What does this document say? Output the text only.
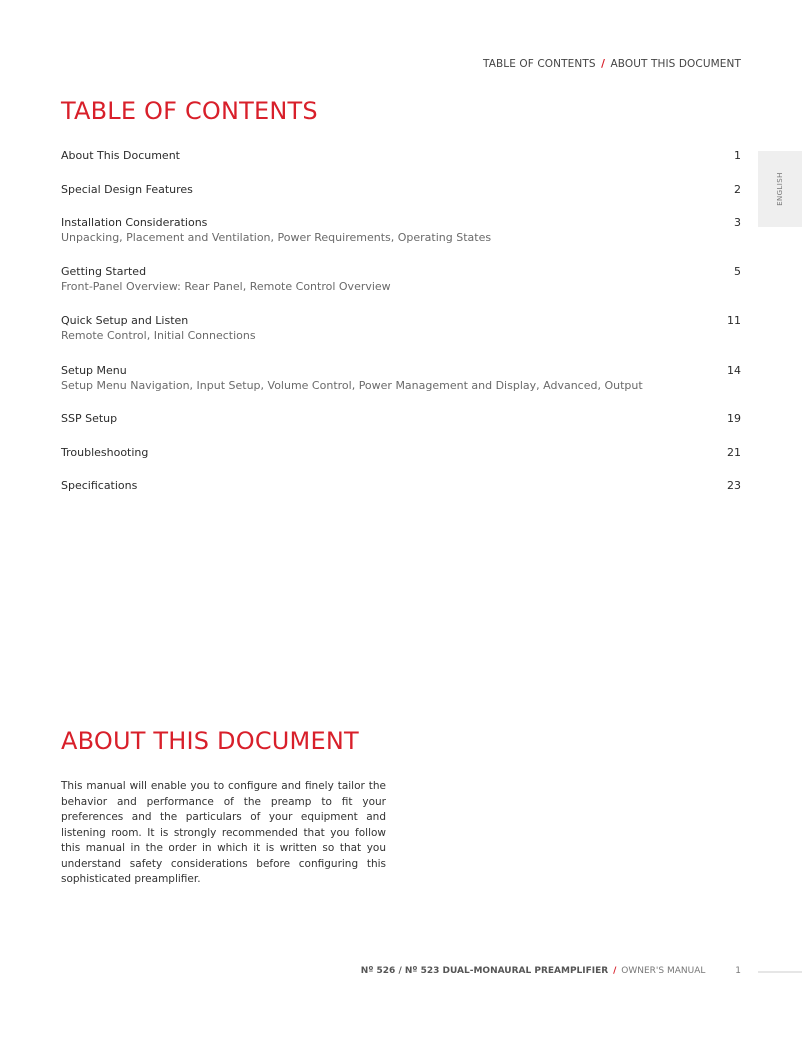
TABLE OF CONTENTS / ABOUT THIS DOCUMENT
ENGLISH
TABLE OF CONTENTS
About This Document	1
Special Design Features	2
Installation Considerations	3
Unpacking, Placement and Ventilation, Power Requirements, Operating States
Getting Started	5
Front-Panel Overview: Rear Panel, Remote Control Overview
Quick Setup and Listen	11
Remote Control, Initial Connections
Setup Menu	14
Setup Menu Navigation, Input Setup, Volume Control, Power Management and Display, Advanced, Output
SSP Setup	19
Troubleshooting	21
Specifications	23
ABOUT THIS DOCUMENT

This manual will enable you to configure and finely tailor the behavior and performance of the preamp to fit your preferences and the particulars of your equipment and listening room. It is strongly recommended that you follow this manual in the order in which it is written so that you understand safety considerations before configuring this sophisticated preamplifier.

Nº 526 / Nº 523 DUAL-MONAURAL PREAMPLIFIER / OWNER'S MANUAL	1
